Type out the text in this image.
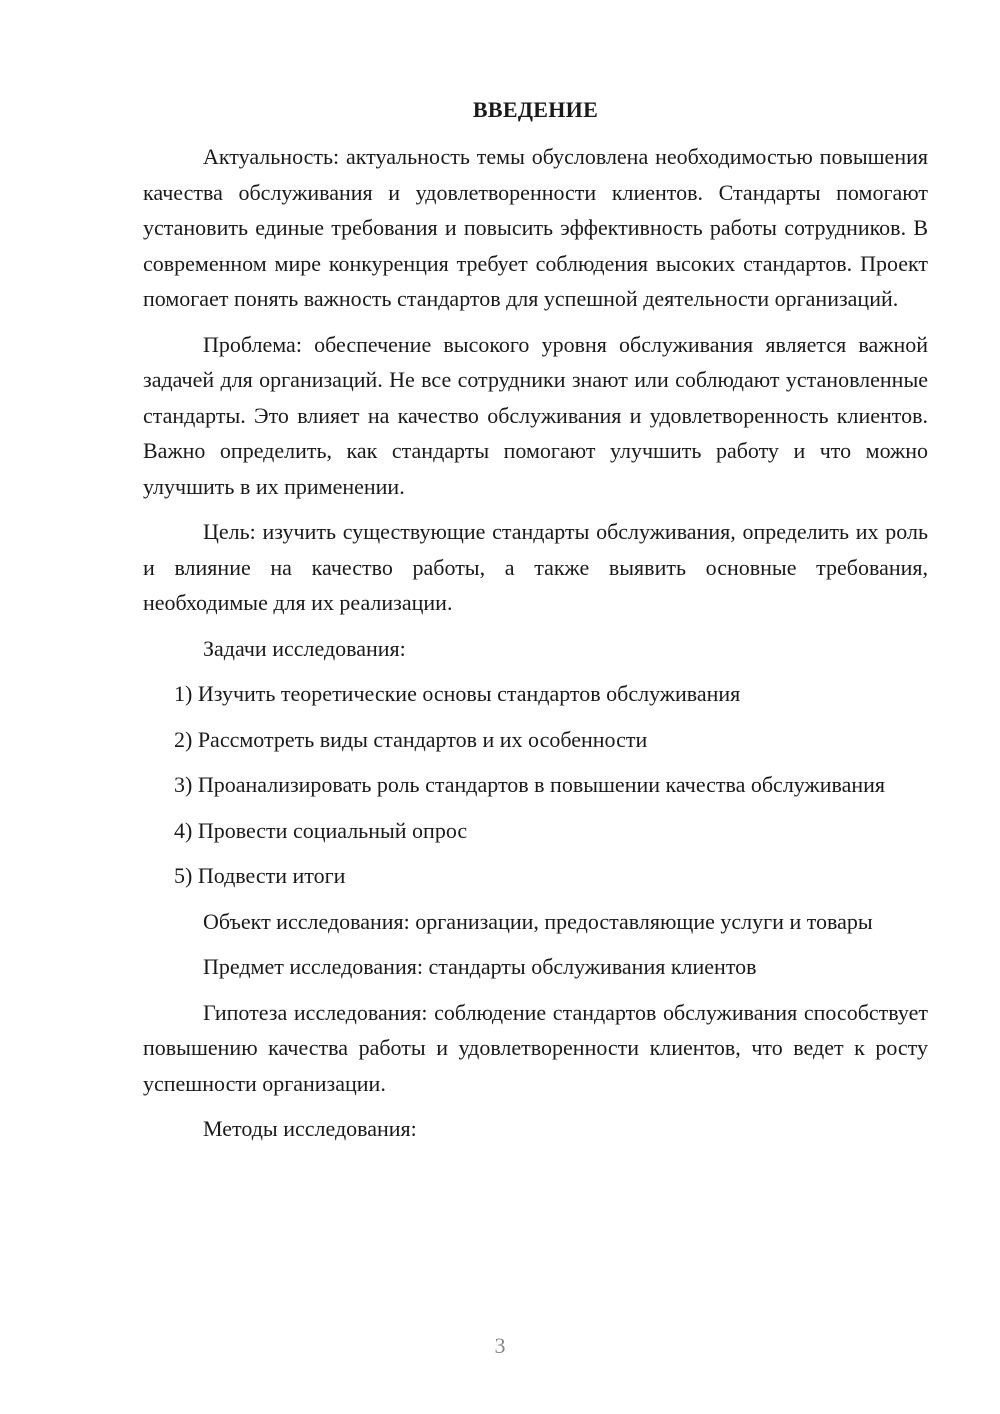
ВВЕДЕНИЕ

Актуальность: актуальность темы обусловлена необходимостью повышения качества обслуживания и удовлетворенности клиентов. Стандарты помогают установить единые требования и повысить эффективность работы сотрудников. В современном мире конкуренция требует соблюдения высоких стандартов. Проект помогает понять важность стандартов для успешной деятельности организаций.

Проблема: обеспечение высокого уровня обслуживания является важной задачей для организаций. Не все сотрудники знают или соблюдают установленные стандарты. Это влияет на качество обслуживания и удовлетворенность клиентов. Важно определить, как стандарты помогают улучшить работу и что можно улучшить в их применении.

Цель: изучить существующие стандарты обслуживания, определить их роль и влияние на качество работы, а также выявить основные требования, необходимые для их реализации.

Задачи исследования:

1) Изучить теоретические основы стандартов обслуживания

2) Рассмотреть виды стандартов и их особенности

3) Проанализировать роль стандартов в повышении качества обслуживания

4) Провести социальный опрос

5) Подвести итоги

Объект исследования: организации, предоставляющие услуги и товары

Предмет исследования: стандарты обслуживания клиентов

Гипотеза исследования: соблюдение стандартов обслуживания способствует повышению качества работы и удовлетворенности клиентов, что ведет к росту успешности организации.

Методы исследования:

3
